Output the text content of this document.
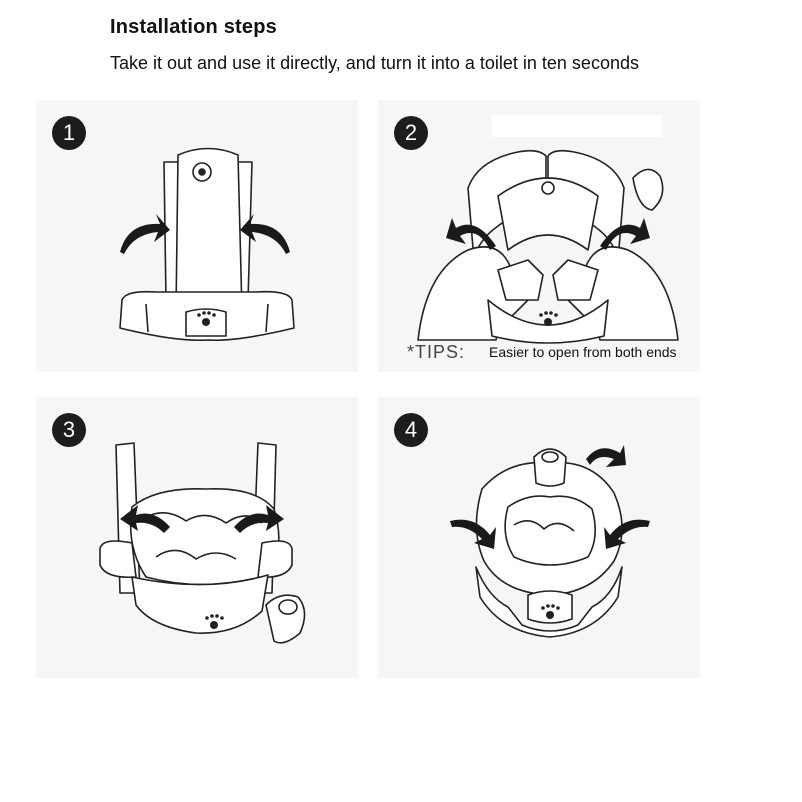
Installation steps
Take it out and use it directly, and turn it into a toilet in ten seconds
1	2
*TIPS: Easier to open from both ends
3	4
